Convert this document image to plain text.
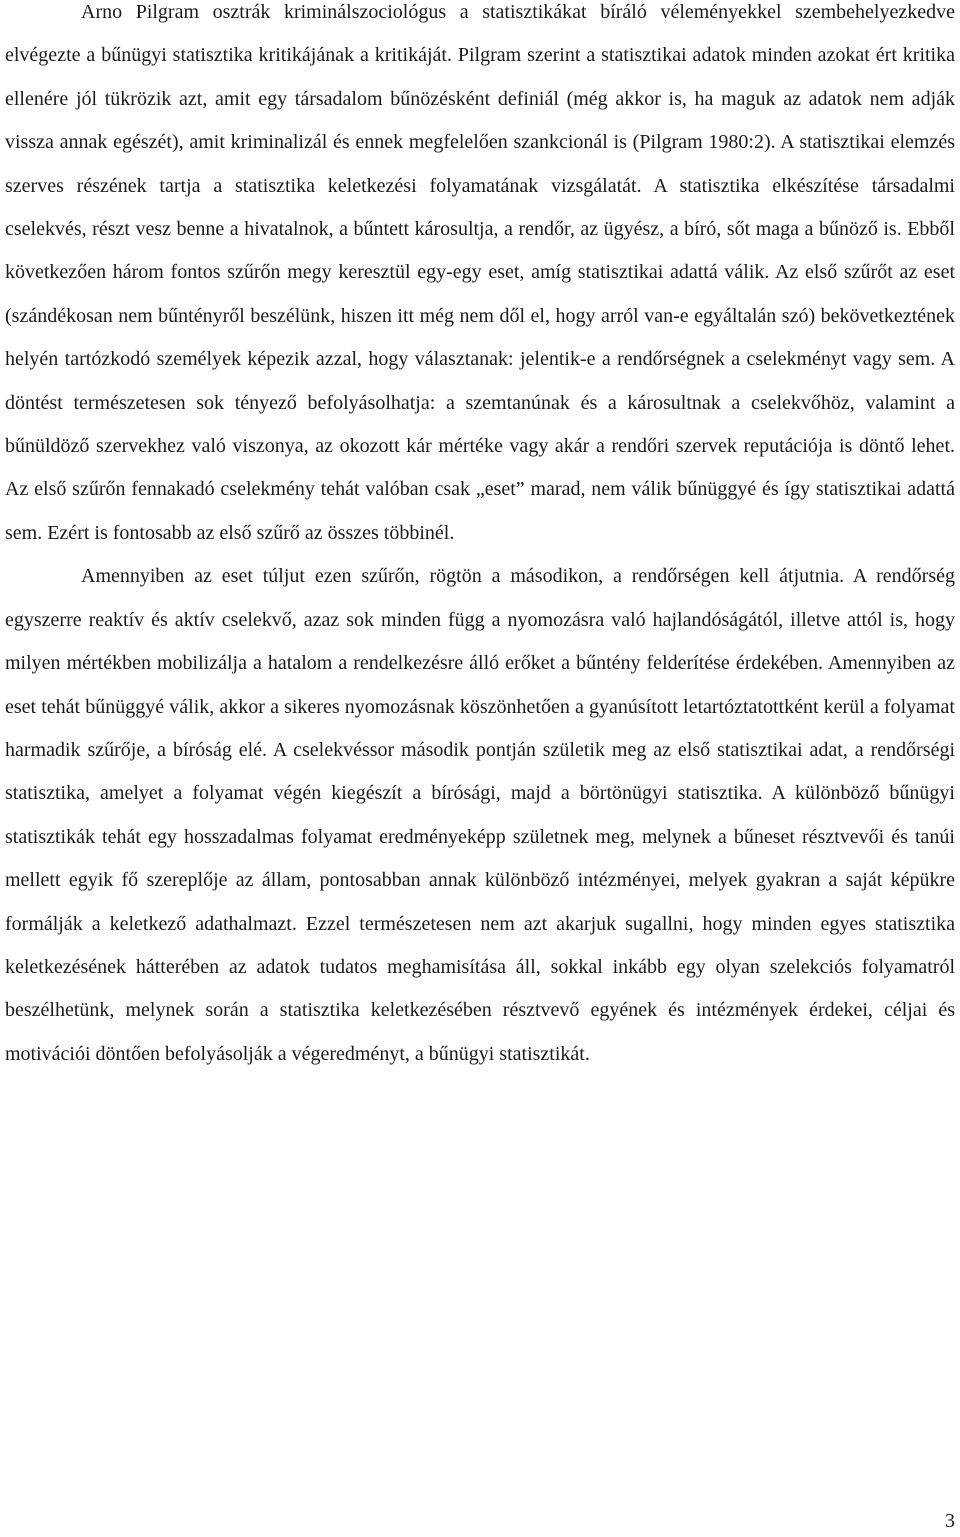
Arno Pilgram osztrák kriminálszociológus a statisztikákat bíráló véleményekkel szembehelyezkedve elvégezte a bűnügyi statisztika kritikájának a kritikáját. Pilgram szerint a statisztikai adatok minden azokat ért kritika ellenére jól tükrözik azt, amit egy társadalom bűnözésként definiál (még akkor is, ha maguk az adatok nem adják vissza annak egészét), amit kriminalizál és ennek megfelelően szankcionál is (Pilgram 1980:2). A statisztikai elemzés szerves részének tartja a statisztika keletkezési folyamatának vizsgálatát. A statisztika elkészítése társadalmi cselekvés, részt vesz benne a hivatalnok, a bűntett károsultja, a rendőr, az ügyész, a bíró, sőt maga a bűnöző is. Ebből következően három fontos szűrőn megy keresztül egy-egy eset, amíg statisztikai adattá válik. Az első szűrőt az eset (szándékosan nem bűntényről beszélünk, hiszen itt még nem dől el, hogy arról van-e egyáltalán szó) bekövetkeztének helyén tartózkodó személyek képezik azzal, hogy választanak: jelentik-e a rendőrségnek a cselekményt vagy sem. A döntést természetesen sok tényező befolyásolhatja: a szemtanúnak és a károsultnak a cselekvőhöz, valamint a bűnüldöző szervekhez való viszonya, az okozott kár mértéke vagy akár a rendőri szervek reputációja is döntő lehet. Az első szűrőn fennakadó cselekmény tehát valóban csak „eset” marad, nem válik bűnüggyé és így statisztikai adattá sem. Ezért is fontosabb az első szűrő az összes többinél.

Amennyiben az eset túljut ezen szűrőn, rögtön a másodikon, a rendőrségen kell átjutnia. A rendőrség egyszerre reaktív és aktív cselekvő, azaz sok minden függ a nyomozásra való hajlandóságától, illetve attól is, hogy milyen mértékben mobilizálja a hatalom a rendelkezésre álló erőket a bűntény felderítése érdekében. Amennyiben az eset tehát bűnüggyé válik, akkor a sikeres nyomozásnak köszönhetően a gyanúsított letartóztatottként kerül a folyamat harmadik szűrője, a bíróság elé. A cselekvéssor második pontján születik meg az első statisztikai adat, a rendőrségi statisztika, amelyet a folyamat végén kiegészít a bírósági, majd a börtönügyi statisztika. A különböző bűnügyi statisztikák tehát egy hosszadalmas folyamat eredményeképp születnek meg, melynek a bűneset résztvevői és tanúi mellett egyik fő szereplője az állam, pontosabban annak különböző intézményei, melyek gyakran a saját képükre formálják a keletkező adathalmazt. Ezzel természetesen nem azt akarjuk sugallni, hogy minden egyes statisztika keletkezésének hátterében az adatok tudatos meghamisítása áll, sokkal inkább egy olyan szelekciós folyamatról beszélhetünk, melynek során a statisztika keletkezésében résztvevő egyének és intézmények érdekei, céljai és motivációi döntően befolyásolják a végeredményt, a bűnügyi statisztikát.

3
